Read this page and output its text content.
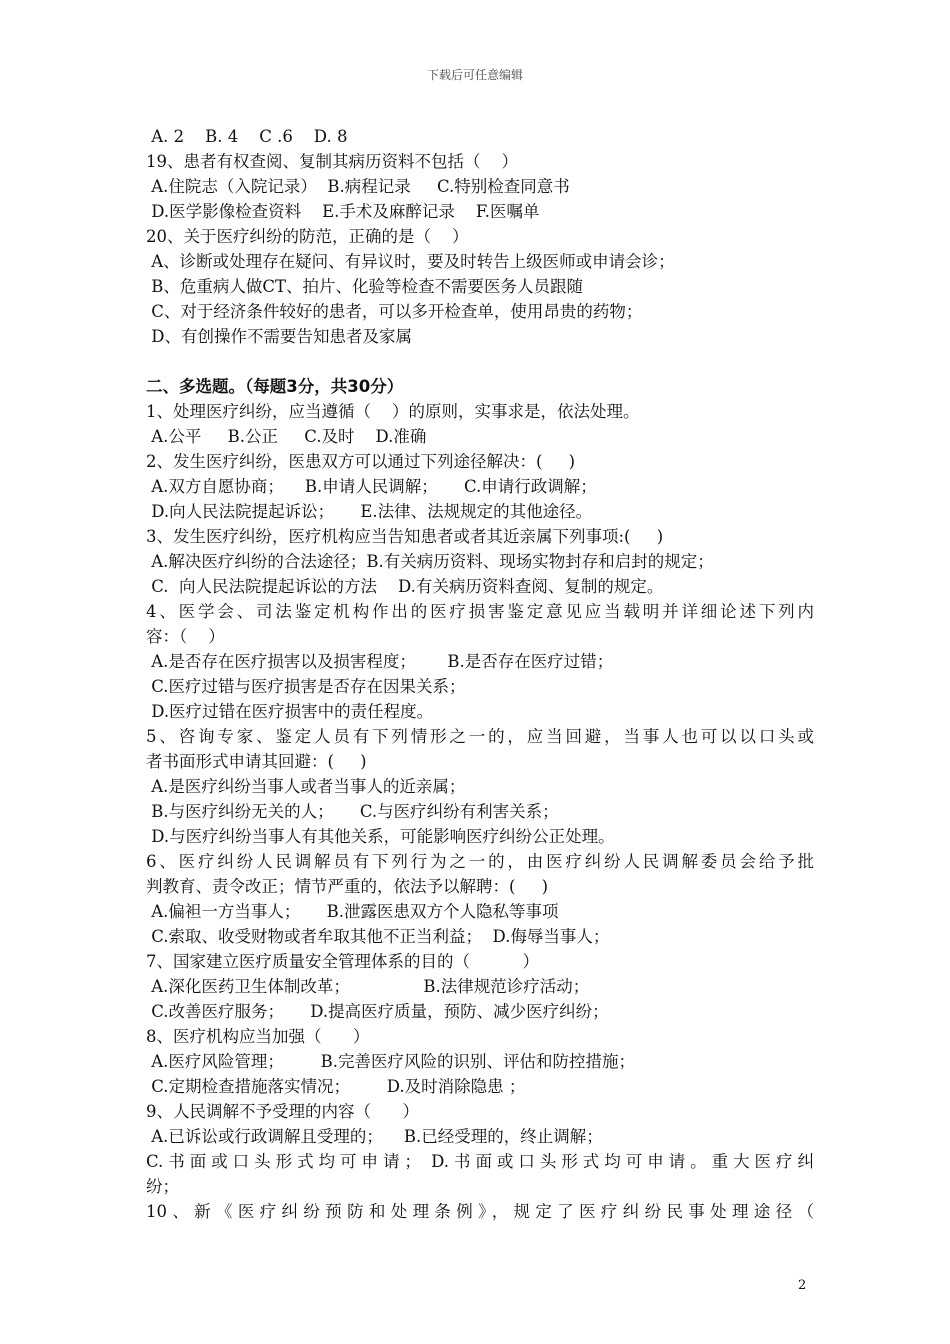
下载后可任意编辑
A. 2    B. 4    C .6    D. 8
19、患者有权查阅、复制其病历资料不包括（    ）
A.住院志（入院记录）  B.病程记录     C.特别检查同意书
D.医学影像检查资料    E.手术及麻醉记录    F.医嘱单
20、关于医疗纠纷的防范，正确的是（    ）
A、诊断或处理存在疑问、有异议时，要及时转告上级医师或申请会诊；
B、危重病人做CT、拍片、化验等检查不需要医务人员跟随
C、对于经济条件较好的患者，可以多开检查单，使用昂贵的药物；
D、有创操作不需要告知患者及家属
二、多选题。（每题3分，共30分）
1、处理医疗纠纷，应当遵循（    ）的原则，实事求是，依法处理。
A.公平     B.公正     C.及时    D.准确
2、发生医疗纠纷，医患双方可以通过下列途径解决：(     )
A.双方自愿协商；    B.申请人民调解；     C.申请行政调解；
D.向人民法院提起诉讼；     E.法律、法规规定的其他途径。
3、发生医疗纠纷，医疗机构应当告知患者或者其近亲属下列事项:(     )
A.解决医疗纠纷的合法途径；B.有关病历资料、现场实物封存和启封的规定；
C.  向人民法院提起诉讼的方法    D.有关病历资料查阅、复制的规定。
4、医学会、司法鉴定机构作出的医疗损害鉴定意见应当载明并详细论述下列内
容：（    ）
A.是否存在医疗损害以及损害程度；      B.是否存在医疗过错；
C.医疗过错与医疗损害是否存在因果关系；
D.医疗过错在医疗损害中的责任程度。
5、咨询专家、鉴定人员有下列情形之一的，应当回避，当事人也可以以口头或
者书面形式申请其回避：(     )
A.是医疗纠纷当事人或者当事人的近亲属；
B.与医疗纠纷无关的人；     C.与医疗纠纷有利害关系；
D.与医疗纠纷当事人有其他关系，可能影响医疗纠纷公正处理。
6、医疗纠纷人民调解员有下列行为之一的，由医疗纠纷人民调解委员会给予批
判教育、责令改正；情节严重的，依法予以解聘：(     )
A.偏袒一方当事人；     B.泄露医患双方个人隐私等事项
C.索取、收受财物或者牟取其他不正当利益；  D.侮辱当事人；
7、国家建立医疗质量安全管理体系的目的（          ）
A.深化医药卫生体制改革；              B.法律规范诊疗活动；
C.改善医疗服务；     D.提高医疗质量，预防、减少医疗纠纷；
8、医疗机构应当加强（      ）
A.医疗风险管理；       B.完善医疗风险的识别、评估和防控措施；
C.定期检查措施落实情况；       D.及时消除隐患 ；
9、人民调解不予受理的内容（      ）
A.已诉讼或行政调解且受理的；    B.已经受理的，终止调解；
C.书面或口头形式均可申请； D.书面或口头形式均可申请。重大医疗纠
纷；
10、新《医疗纠纷预防和处理条例》，规定了医疗纠纷民事处理途径（
2
